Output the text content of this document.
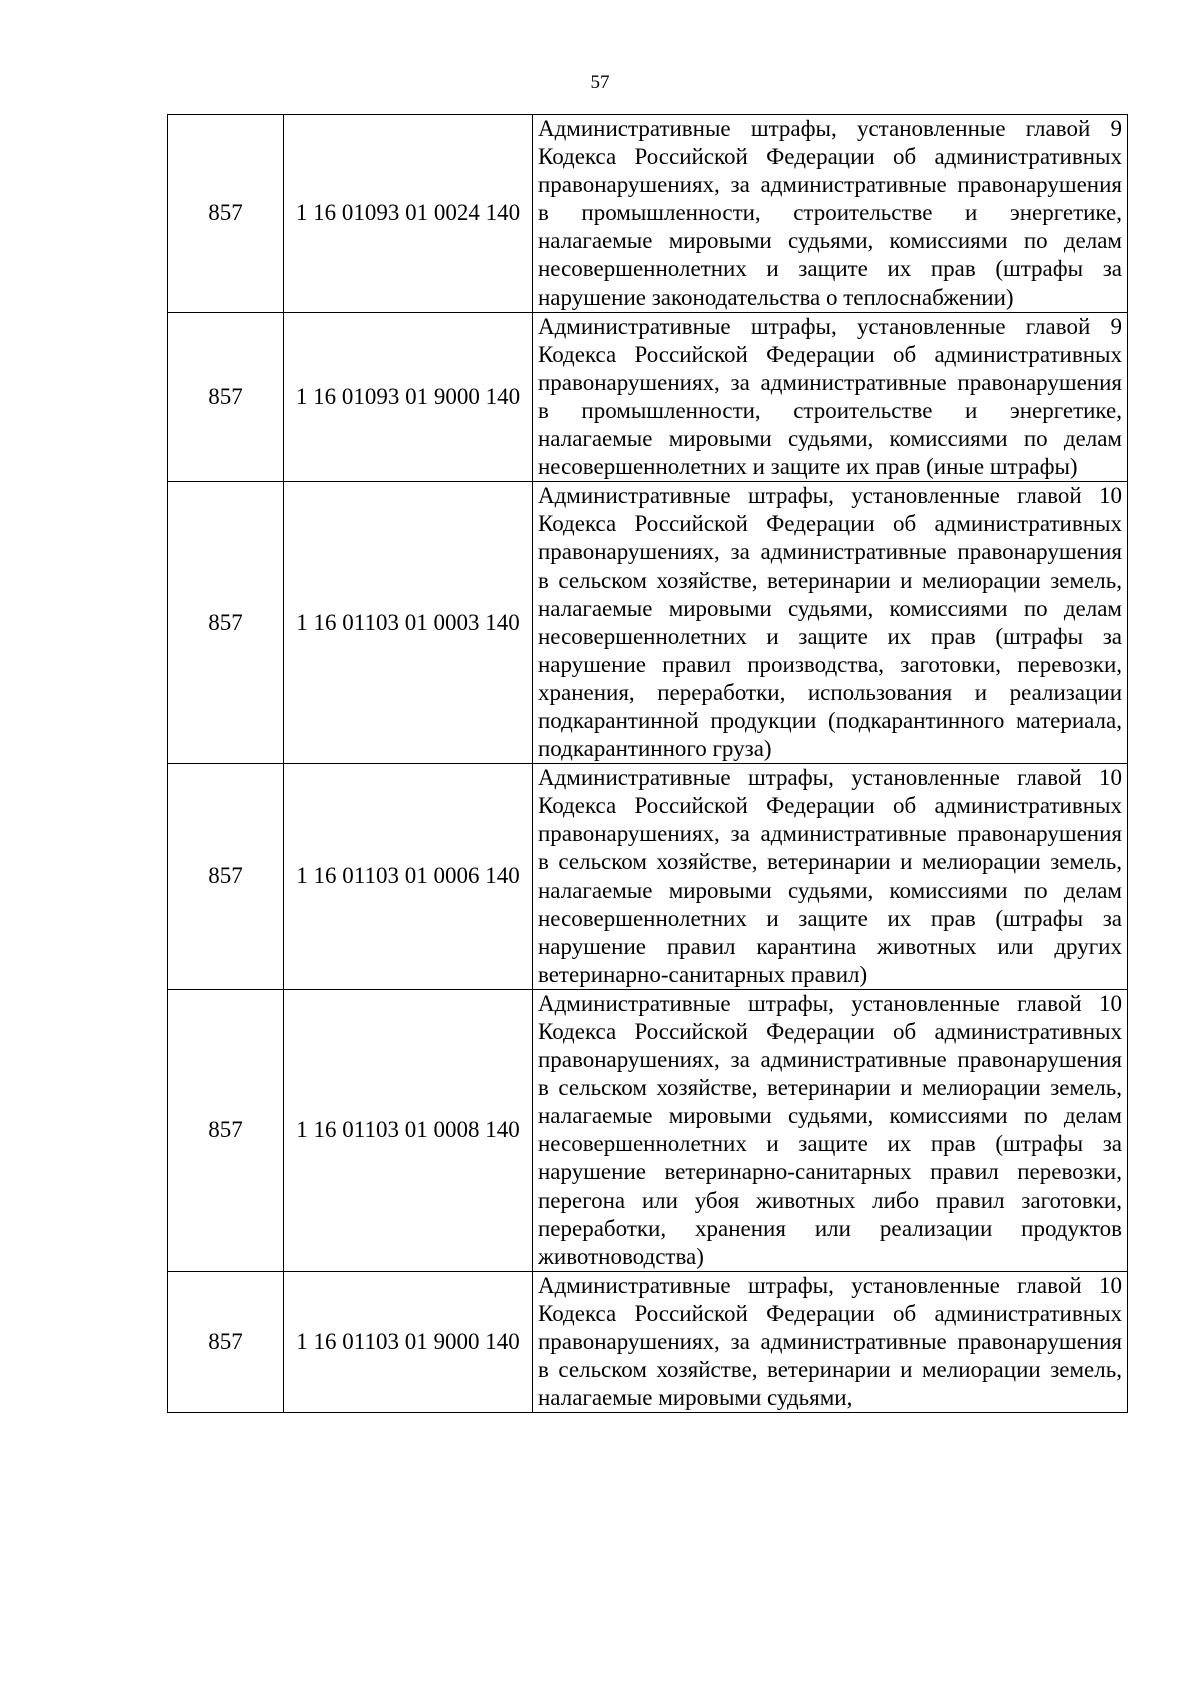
57
857	1 16 01093 01 0024 140	Административные штрафы, установленные главой 9 Кодекса Российской Федерации об административных правонарушениях, за административные правонарушения в промышленности, строительстве и энергетике, налагаемые мировыми судьями, комиссиями по делам несовершеннолетних и защите их прав (штрафы за нарушение законодательства о теплоснабжении)

857	1 16 01093 01 9000 140	Административные штрафы, установленные главой 9 Кодекса Российской Федерации об административных правонарушениях, за административные правонарушения в промышленности, строительстве и энергетике, налагаемые мировыми судьями, комиссиями по делам несовершеннолетних и защите их прав (иные штрафы)

857	1 16 01103 01 0003 140	Административные штрафы, установленные главой 10 Кодекса Российской Федерации об административных правонарушениях, за административные правонарушения в сельском хозяйстве, ветеринарии и мелиорации земель, налагаемые мировыми судьями, комиссиями по делам несовершеннолетних и защите их прав (штрафы за нарушение правил производства, заготовки, перевозки, хранения, переработки, использования и реализации подкарантинной продукции (подкарантинного материала, подкарантинного груза)

857	1 16 01103 01 0006 140	Административные штрафы, установленные главой 10 Кодекса Российской Федерации об административных правонарушениях, за административные правонарушения в сельском хозяйстве, ветеринарии и мелиорации земель, налагаемые мировыми судьями, комиссиями по делам несовершеннолетних и защите их прав (штрафы за нарушение правил карантина животных или других ветеринарно-санитарных правил)

857	1 16 01103 01 0008 140	Административные штрафы, установленные главой 10 Кодекса Российской Федерации об административных правонарушениях, за административные правонарушения в сельском хозяйстве, ветеринарии и мелиорации земель, налагаемые мировыми судьями, комиссиями по делам несовершеннолетних и защите их прав (штрафы за нарушение ветеринарно-санитарных правил перевозки, перегона или убоя животных либо правил заготовки, переработки, хранения или реализации продуктов животноводства)

857	1 16 01103 01 9000 140	Административные штрафы, установленные главой 10 Кодекса Российской Федерации об административных правонарушениях, за административные правонарушения в сельском хозяйстве, ветеринарии и мелиорации земель, налагаемые мировыми судьями,
